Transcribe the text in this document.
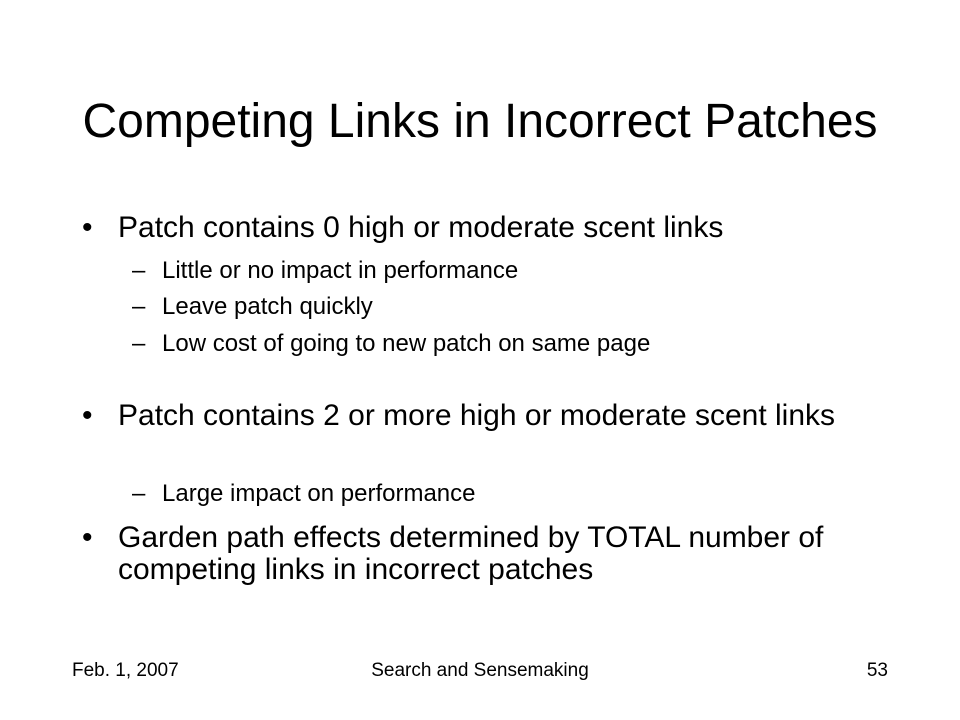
Competing Links in Incorrect Patches
• Patch contains 0 high or moderate scent links
– Little or no impact in performance
– Leave patch quickly
– Low cost of going to new patch on same page
• Patch contains 2 or more high or moderate scent links
– Large impact on performance
• Garden path effects determined by TOTAL number of competing links in incorrect patches
Feb. 1, 2007	Search and Sensemaking	53
